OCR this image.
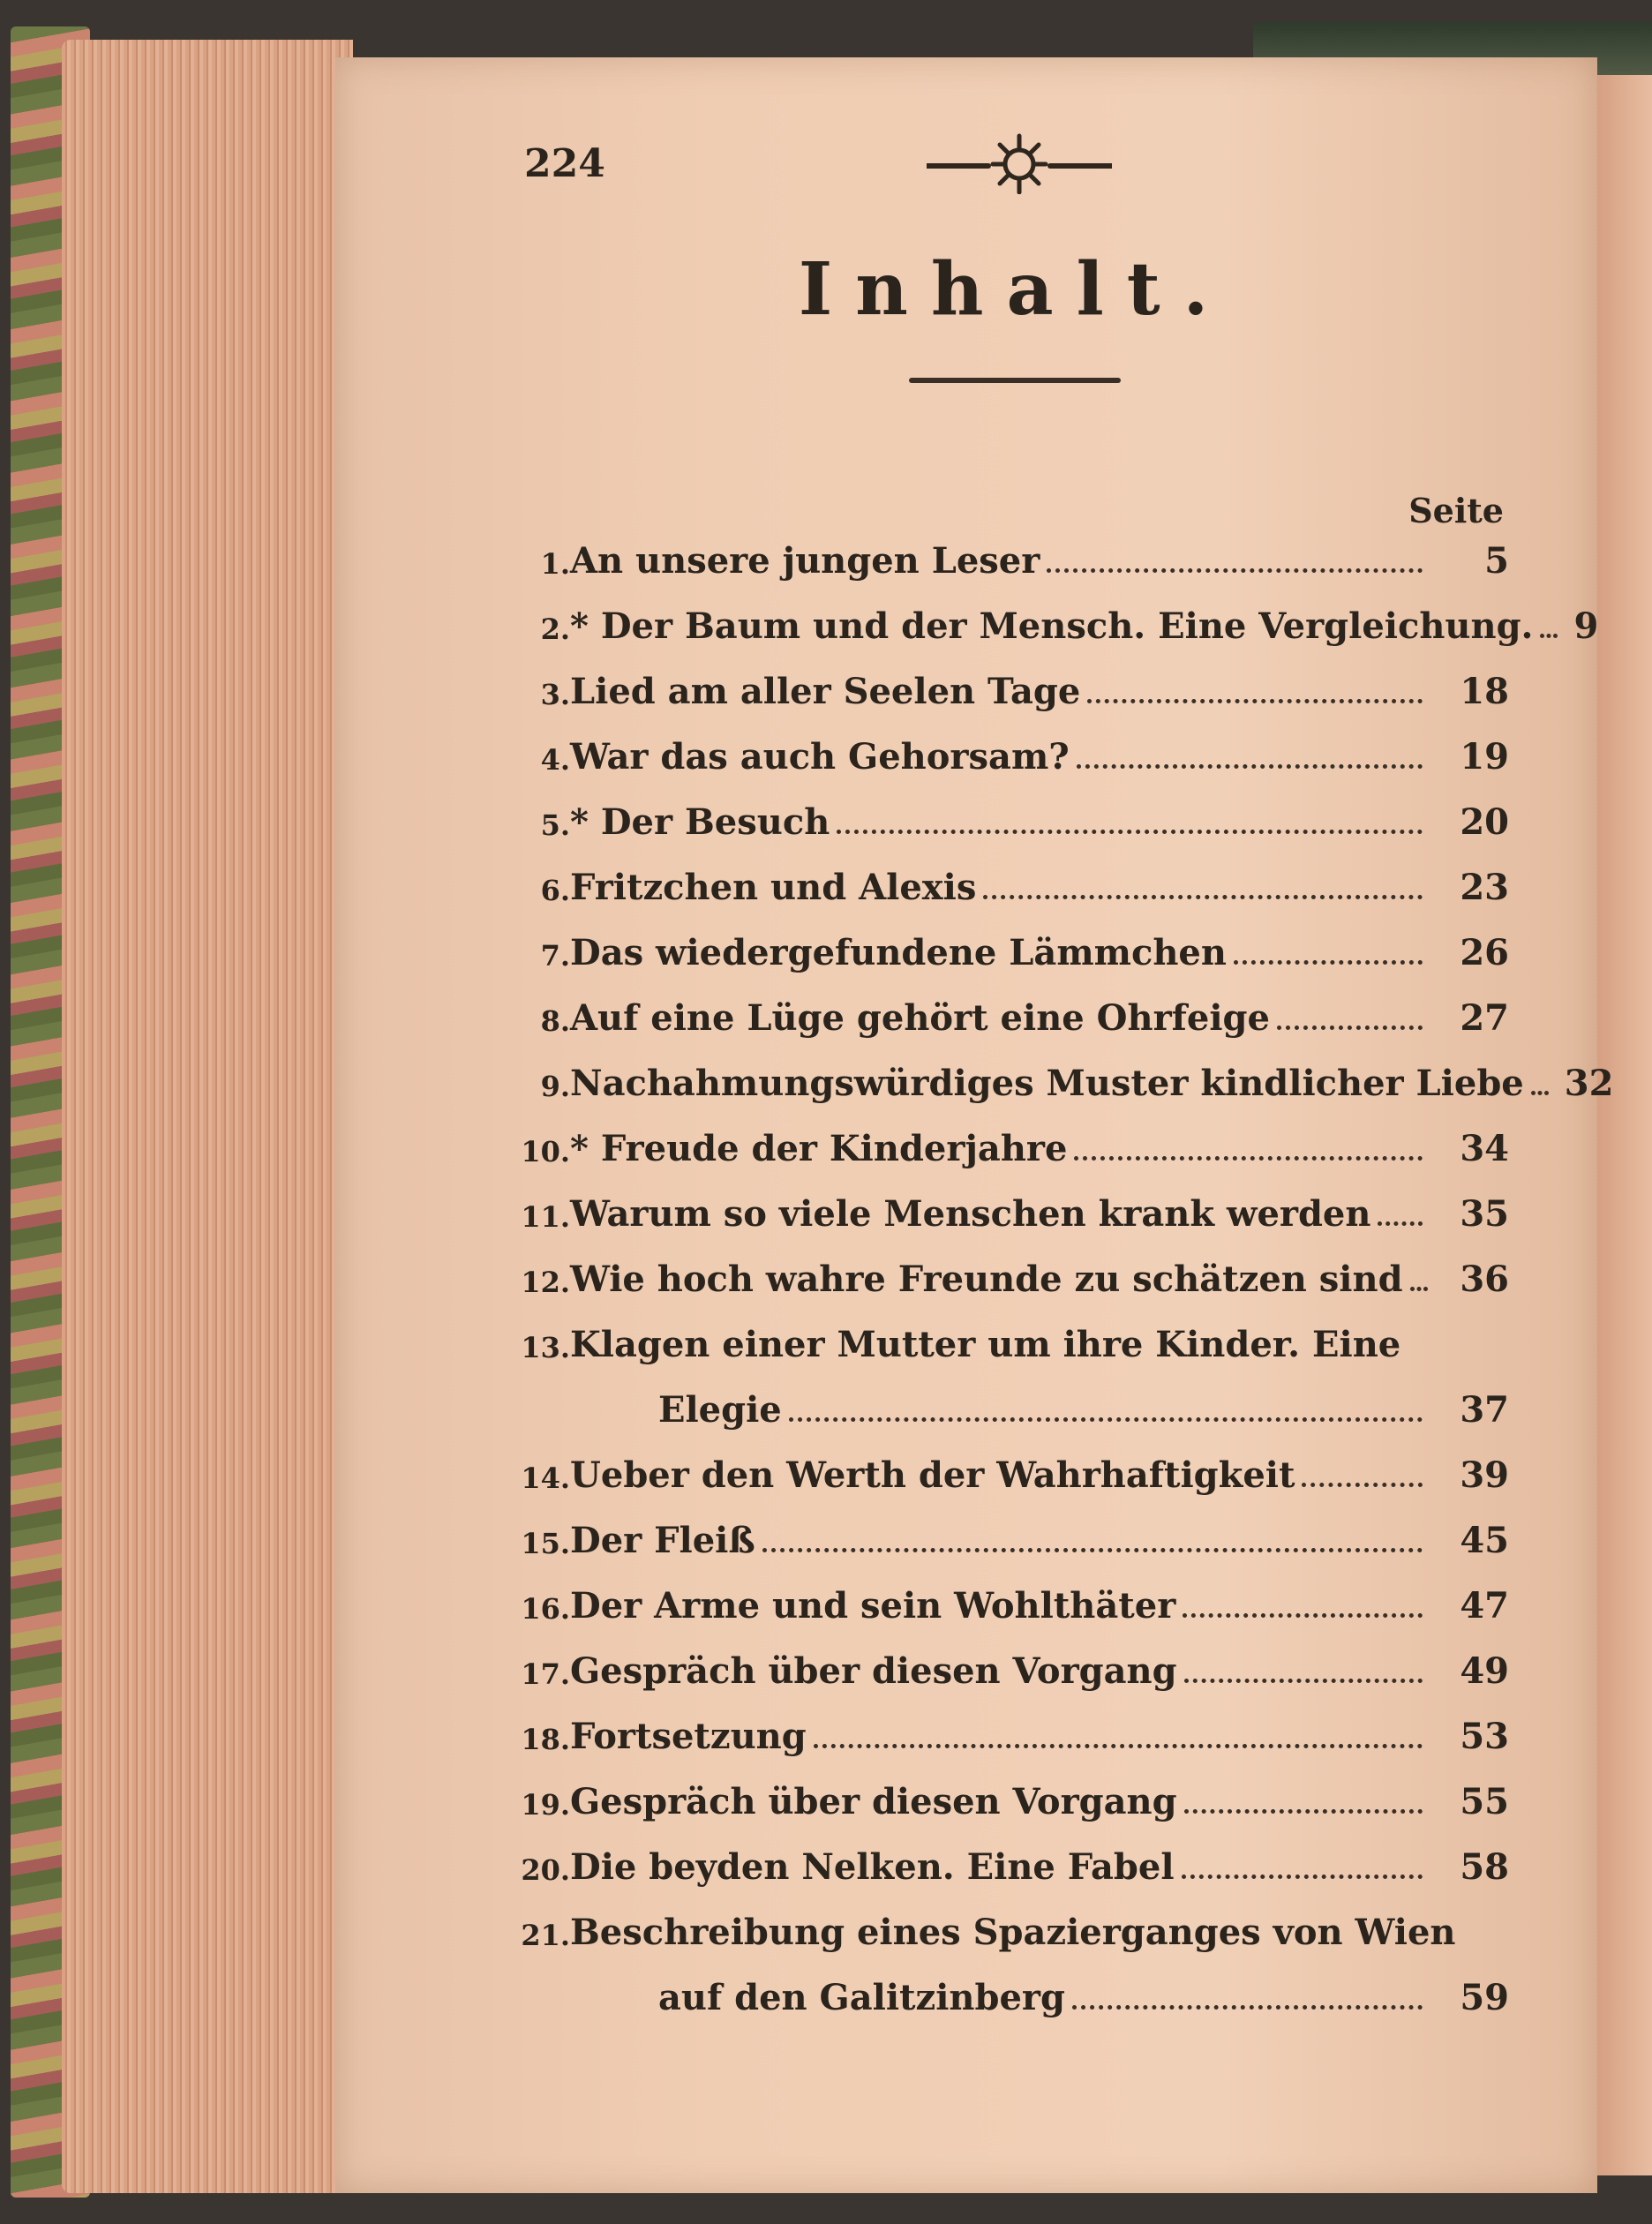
224
Inhalt.
Seite
1. An unsere jungen Leser	5
2. * Der Baum und der Mensch. Eine Vergleichung. 9
3. Lied am aller Seelen Tage	18
4. War das auch Gehorsam?	19
5. * Der Besuch	20
6. Fritzchen und Alexis	23
7. Das wiedergefundene Lämmchen	26
8. Auf eine Lüge gehört eine Ohrfeige	27
9. Nachahmungswürdiges Muster kindlicher Liebe 32
10. * Freude der Kinderjahre	34
11. Warum so viele Menschen krank werden	35
12. Wie hoch wahre Freunde zu schätzen sind	36
13. Klagen einer Mutter um ihre Kinder. Eine
Elegie	37
14. Ueber den Werth der Wahrhaftigkeit	39
15. Der Fleiß	45
16. Der Arme und sein Wohlthäter	47
17. Gespräch über diesen Vorgang	49
18. Fortsetzung	53
19. Gespräch über diesen Vorgang	55
20. Die beyden Nelken. Eine Fabel	58
21. Beschreibung eines Spazierganges von Wien
auf den Galitzinberg	59
